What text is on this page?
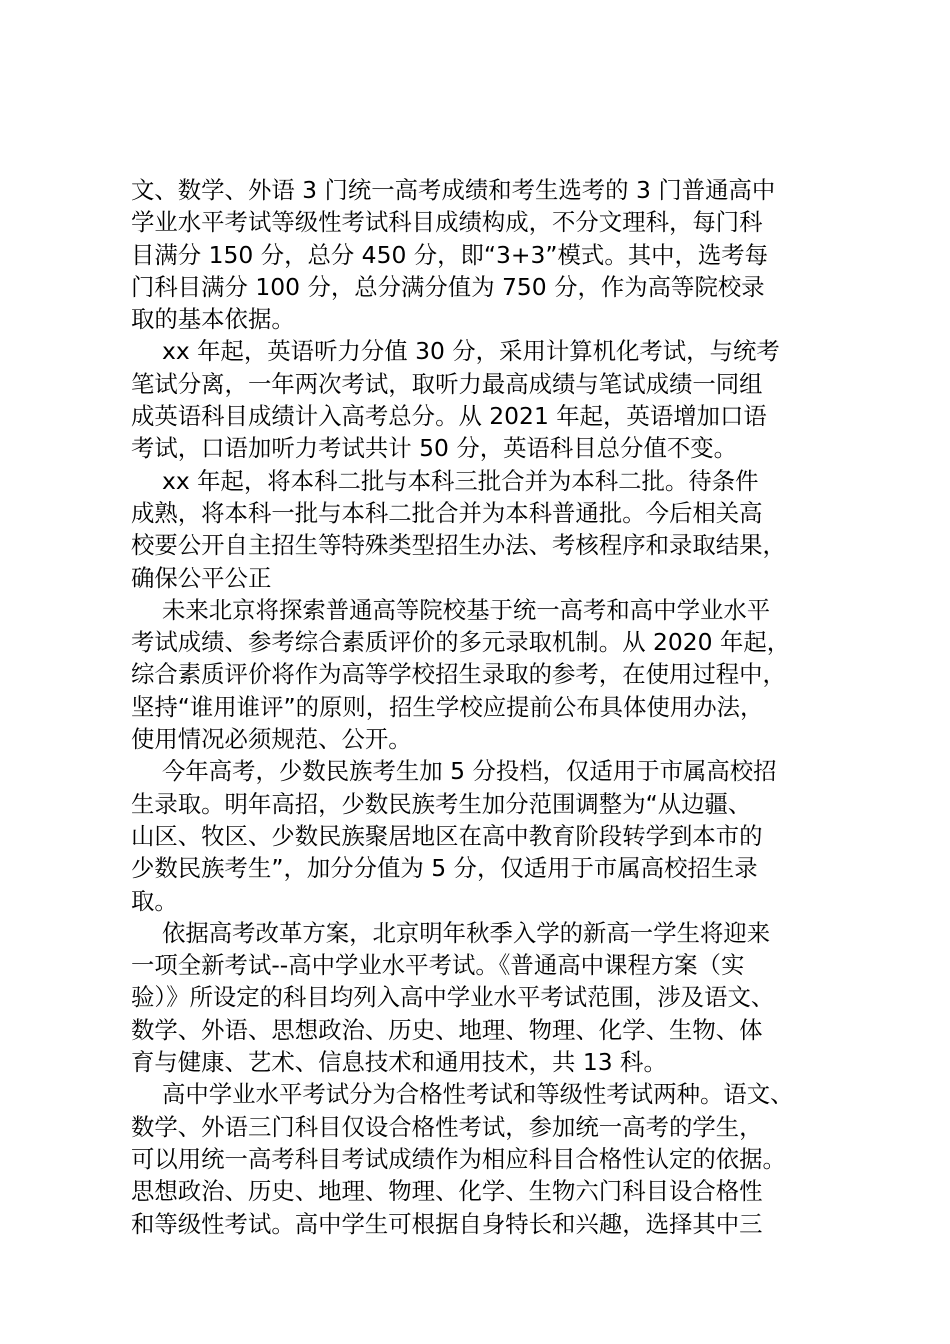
文、数学、外语 3 门统一高考成绩和考生选考的 3 门普通高中
学业水平考试等级性考试科目成绩构成，不分文理科，每门科
目满分 150 分，总分 450 分，即“3+3”模式。其中，选考每
门科目满分 100 分，总分满分值为 750 分，作为高等院校录
取的基本依据。
xx 年起，英语听力分值 30 分，采用计算机化考试，与统考
笔试分离，一年两次考试，取听力最高成绩与笔试成绩一同组
成英语科目成绩计入高考总分。从 2021 年起，英语增加口语
考试，口语加听力考试共计 50 分，英语科目总分值不变。
xx 年起，将本科二批与本科三批合并为本科二批。待条件
成熟，将本科一批与本科二批合并为本科普通批。今后相关高
校要公开自主招生等特殊类型招生办法、考核程序和录取结果，
确保公平公正
未来北京将探索普通高等院校基于统一高考和高中学业水平
考试成绩、参考综合素质评价的多元录取机制。从 2020 年起，
综合素质评价将作为高等学校招生录取的参考，在使用过程中，
坚持“谁用谁评”的原则，招生学校应提前公布具体使用办法，
使用情况必须规范、公开。
今年高考，少数民族考生加 5 分投档，仅适用于市属高校招
生录取。明年高招，少数民族考生加分范围调整为“从边疆、
山区、牧区、少数民族聚居地区在高中教育阶段转学到本市的
少数民族考生”，加分分值为 5 分，仅适用于市属高校招生录
取。
依据高考改革方案，北京明年秋季入学的新高一学生将迎来
一项全新考试--高中学业水平考试。《普通高中课程方案（实
验）》所设定的科目均列入高中学业水平考试范围，涉及语文、
数学、外语、思想政治、历史、地理、物理、化学、生物、体
育与健康、艺术、信息技术和通用技术，共 13 科。
高中学业水平考试分为合格性考试和等级性考试两种。语文、
数学、外语三门科目仅设合格性考试，参加统一高考的学生，
可以用统一高考科目考试成绩作为相应科目合格性认定的依据。
思想政治、历史、地理、物理、化学、生物六门科目设合格性
和等级性考试。高中学生可根据自身特长和兴趣，选择其中三
